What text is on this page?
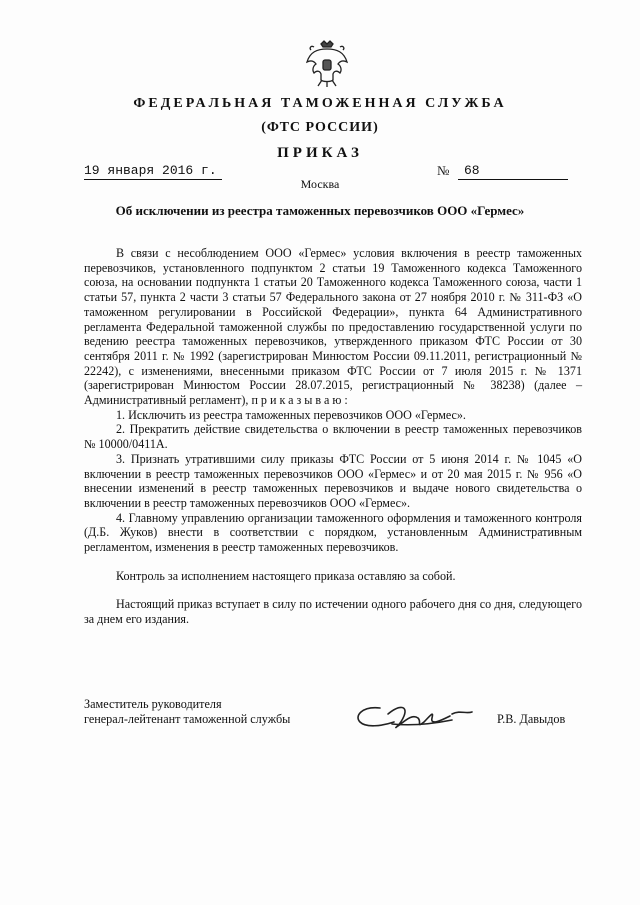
ФЕДЕРАЛЬНАЯ ТАМОЖЕННАЯ СЛУЖБА
(ФТС РОССИИ)
ПРИКАЗ
19 января 2016 г.	№	68
Москва
Об исключении из реестра таможенных перевозчиков ООО «Гермес»

В связи с несоблюдением ООО «Гермес» условия включения в реестр таможенных перевозчиков, установленного подпунктом 2 статьи 19 Таможенного кодекса Таможенного союза, на основании подпункта 1 статьи 20 Таможенного кодекса Таможенного союза, части 1 статьи 57, пункта 2 части 3 статьи 57 Федерального закона от 27 ноября 2010 г. № 311-ФЗ «О таможенном регулировании в Российской Федерации», пункта 64 Административного регламента Федеральной таможенной службы по предоставлению государственной услуги по ведению реестра таможенных перевозчиков, утвержденного приказом ФТС России от 30 сентября 2011 г. № 1992 (зарегистрирован Минюстом России 09.11.2011, регистрационный № 22242), с изменениями, внесенными приказом ФТС России от 7 июля 2015 г. № 1371 (зарегистрирован Минюстом России 28.07.2015, регистрационный № 38238) (далее – Административный регламент), приказываю:

1. Исключить из реестра таможенных перевозчиков ООО «Гермес».

2. Прекратить действие свидетельства о включении в реестр таможенных перевозчиков № 10000/0411А.

3. Признать утратившими силу приказы ФТС России от 5 июня 2014 г. № 1045 «О включении в реестр таможенных перевозчиков ООО «Гермес» и от 20 мая 2015 г. № 956 «О внесении изменений в реестр таможенных перевозчиков и выдаче нового свидетельства о включении в реестр таможенных перевозчиков ООО «Гермес».

4. Главному управлению организации таможенного оформления и таможенного контроля (Д.Б. Жуков) внести в соответствии с порядком, установленным Административным регламентом, изменения в реестр таможенных перевозчиков.

Контроль за исполнением настоящего приказа оставляю за собой.

Настоящий приказ вступает в силу по истечении одного рабочего дня со дня, следующего за днем его издания.

Заместитель руководителя
генерал-лейтенант таможенной службы	Р.В. Давыдов
